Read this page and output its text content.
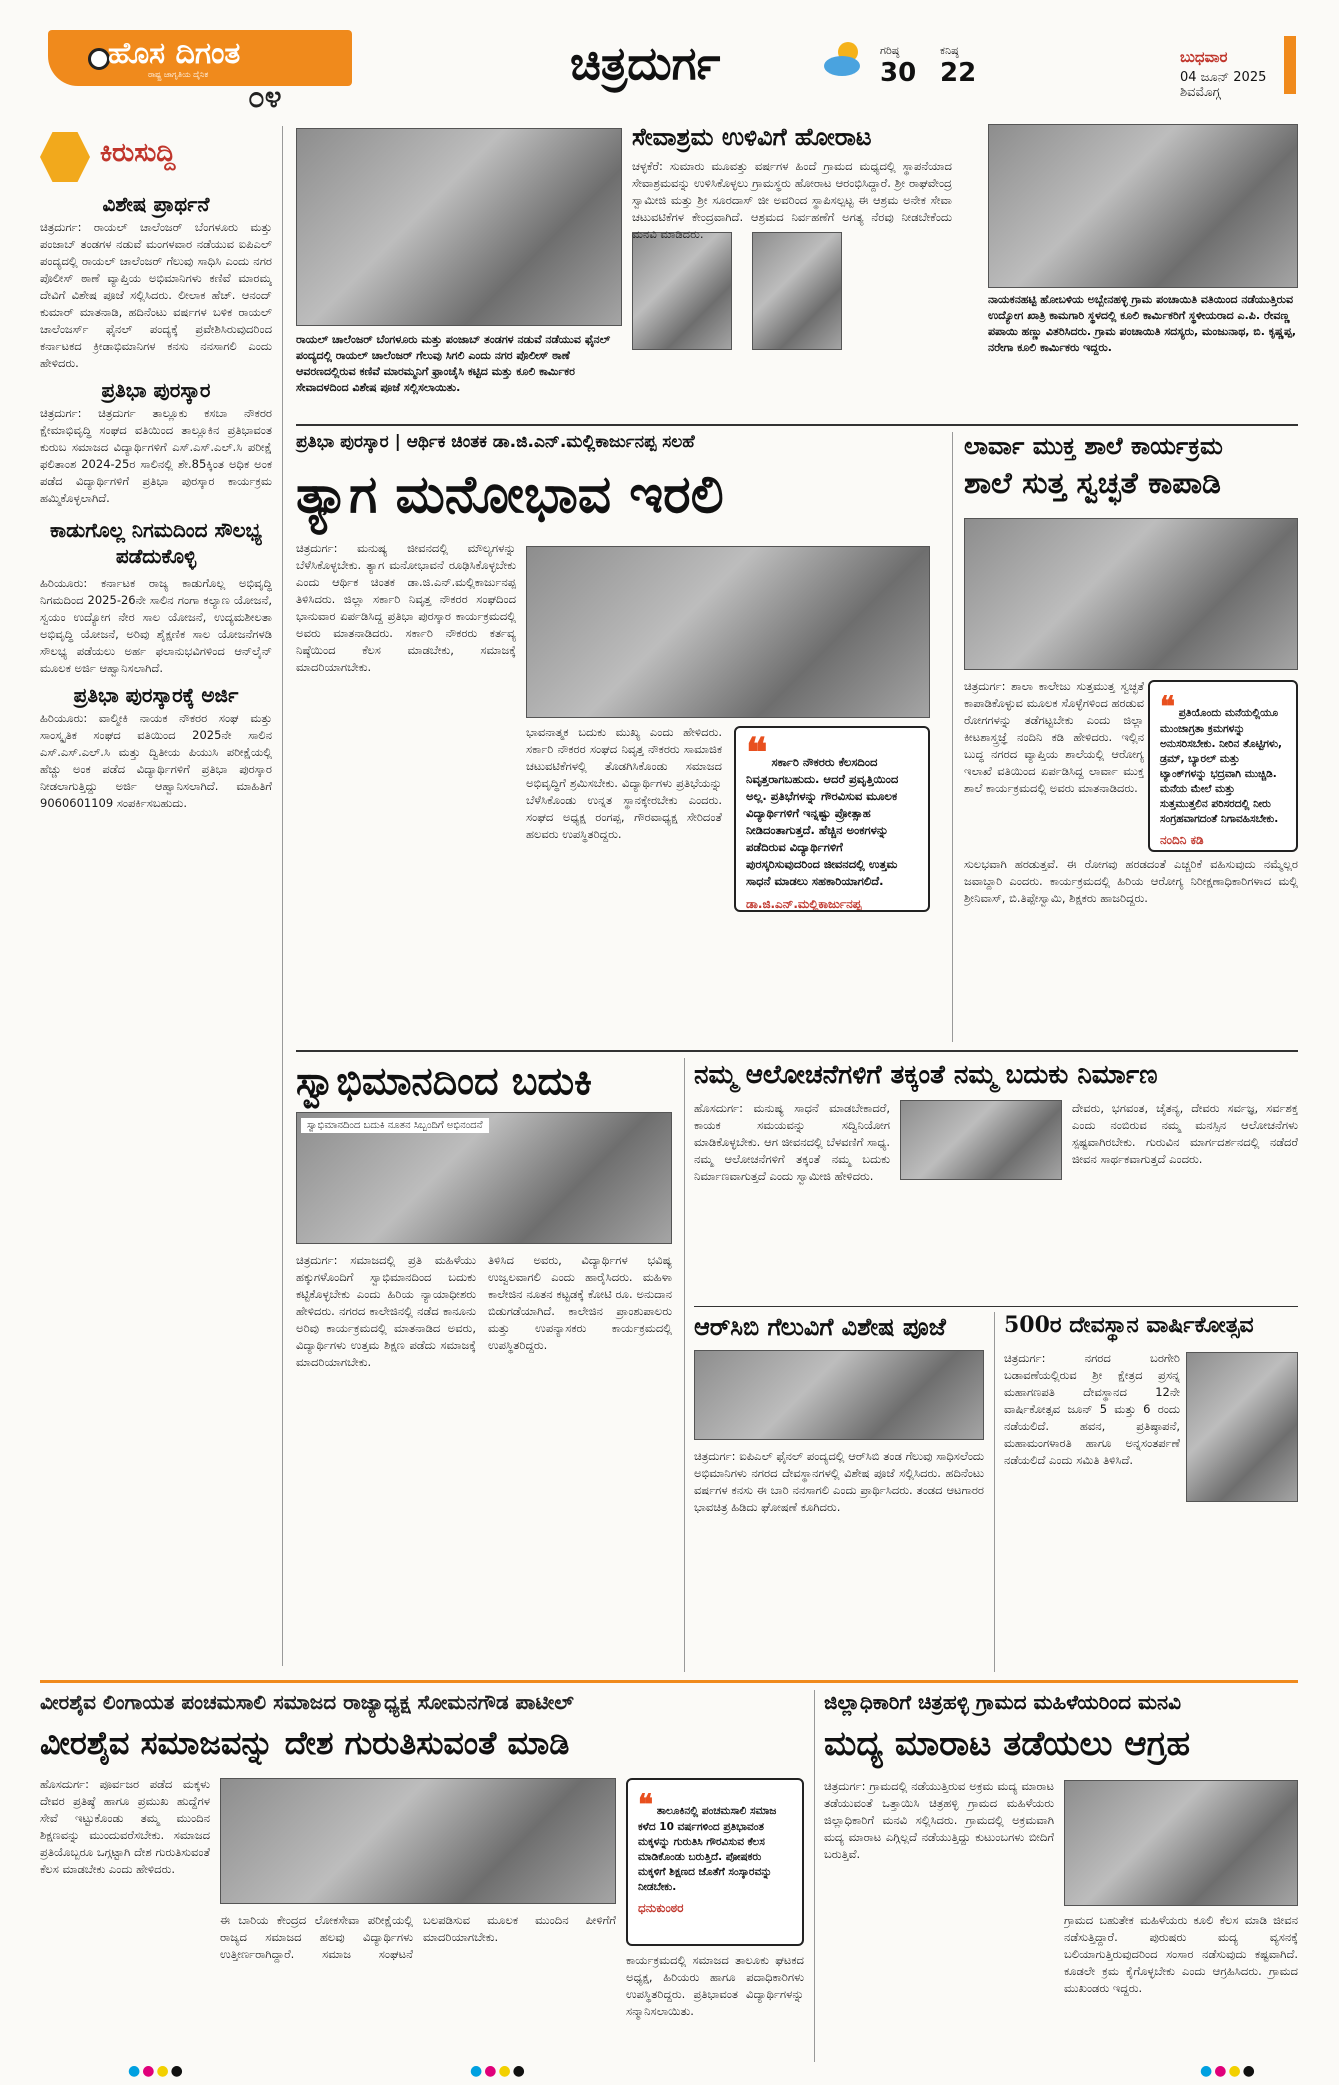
ಹೊಸ ದಿಗಂತ
ರಾಷ್ಟ್ರ ಜಾಗೃತಿಯ ದೈನಿಕ
೦೪
ಚಿತ್ರದುರ್ಗ	ಗರಿಷ್ಠ
30
ಕನಿಷ್ಠ
22
ಬುಧವಾರ
04 ಜೂನ್ 2025
ಶಿವಮೊಗ್ಗ
ಕಿರುಸುದ್ದಿ
ವಿಶೇಷ ಪ್ರಾರ್ಥನೆ

ಚಿತ್ರದುರ್ಗ: ರಾಯಲ್ ಚಾಲೆಂಜರ್ ಬೆಂಗಳೂರು ಮತ್ತು ಪಂಜಾಬ್ ತಂಡಗಳ ನಡುವೆ ಮಂಗಳವಾರ ನಡೆಯುವ ಐಪಿಎಲ್ ಪಂದ್ಯದಲ್ಲಿ ರಾಯಲ್ ಚಾಲೆಂಜರ್ ಗೆಲುವು ಸಾಧಿಸಿ ಎಂದು ನಗರ ಪೊಲೀಸ್ ಠಾಣೆ ವ್ಯಾಪ್ತಿಯ ಅಭಿಮಾನಿಗಳು ಕಣಿವೆ ಮಾರಮ್ಮ ದೇವಿಗೆ ವಿಶೇಷ ಪೂಜೆ ಸಲ್ಲಿಸಿದರು. ಲೀಲಾಕ ಹೆಚ್. ಆನಂದ್ ಕುಮಾರ್ ಮಾತನಾಡಿ, ಹದಿನೆಂಟು ವರ್ಷಗಳ ಬಳಿಕ ರಾಯಲ್ ಚಾಲೆಂಜರ್ಸ್ ಫೈನಲ್ ಪಂದ್ಯಕ್ಕೆ ಪ್ರವೇಶಿಸಿರುವುದರಿಂದ ಕರ್ನಾಟಕದ ಕ್ರೀಡಾಭಿಮಾನಿಗಳ ಕನಸು ನನಸಾಗಲಿ ಎಂದು ಹೇಳಿದರು.

ಪ್ರತಿಭಾ ಪುರಸ್ಕಾರ

ಚಿತ್ರದುರ್ಗ: ಚಿತ್ರದುರ್ಗ ತಾಲ್ಲೂಕು ಕಸಬಾ ನೌಕರರ ಕ್ಷೇಮಾಭಿವೃದ್ಧಿ ಸಂಘದ ವತಿಯಿಂದ ತಾಲ್ಲೂಕಿನ ಪ್ರತಿಭಾವಂತ ಕುರುಬ ಸಮಾಜದ ವಿದ್ಯಾರ್ಥಿಗಳಿಗೆ ಎಸ್.ಎಸ್.ಎಲ್.ಸಿ ಪರೀಕ್ಷೆ ಫಲಿತಾಂಶ 2024-25ರ ಸಾಲಿನಲ್ಲಿ ಶೇ.85ಕ್ಕಿಂತ ಅಧಿಕ ಅಂಕ ಪಡೆದ ವಿದ್ಯಾರ್ಥಿಗಳಿಗೆ ಪ್ರತಿಭಾ ಪುರಸ್ಕಾರ ಕಾರ್ಯಕ್ರಮ ಹಮ್ಮಿಕೊಳ್ಳಲಾಗಿದೆ.

ಕಾಡುಗೊಲ್ಲ ನಿಗಮದಿಂದ ಸೌಲಭ್ಯ ಪಡೆದುಕೊಳ್ಳಿ

ಹಿರಿಯೂರು: ಕರ್ನಾಟಕ ರಾಜ್ಯ ಕಾಡುಗೊಲ್ಲ ಅಭಿವೃದ್ಧಿ ನಿಗಮದಿಂದ 2025-26ನೇ ಸಾಲಿನ ಗಂಗಾ ಕಲ್ಯಾಣ ಯೋಜನೆ, ಸ್ವಯಂ ಉದ್ಯೋಗ ನೇರ ಸಾಲ ಯೋಜನೆ, ಉದ್ಯಮಶೀಲತಾ ಅಭಿವೃದ್ಧಿ ಯೋಜನೆ, ಅರಿವು ಶೈಕ್ಷಣಿಕ ಸಾಲ ಯೋಜನೆಗಳಡಿ ಸೌಲಭ್ಯ ಪಡೆಯಲು ಅರ್ಹ ಫಲಾನುಭವಿಗಳಿಂದ ಆನ್‌ಲೈನ್ ಮೂಲಕ ಅರ್ಜಿ ಆಹ್ವಾನಿಸಲಾಗಿದೆ.

ಪ್ರತಿಭಾ ಪುರಸ್ಕಾರಕ್ಕೆ ಅರ್ಜಿ

ಹಿರಿಯೂರು: ವಾಲ್ಮೀಕಿ ನಾಯಕ ನೌಕರರ ಸಂಘ ಮತ್ತು ಸಾಂಸ್ಕೃತಿಕ ಸಂಘದ ವತಿಯಿಂದ 2025ನೇ ಸಾಲಿನ ಎಸ್.ಎಸ್.ಎಲ್.ಸಿ ಮತ್ತು ದ್ವಿತೀಯ ಪಿಯುಸಿ ಪರೀಕ್ಷೆಯಲ್ಲಿ ಹೆಚ್ಚು ಅಂಕ ಪಡೆದ ವಿದ್ಯಾರ್ಥಿಗಳಿಗೆ ಪ್ರತಿಭಾ ಪುರಸ್ಕಾರ ನೀಡಲಾಗುತ್ತಿದ್ದು ಅರ್ಜಿ ಆಹ್ವಾನಿಸಲಾಗಿದೆ. ಮಾಹಿತಿಗೆ 9060601109 ಸಂಪರ್ಕಿಸಬಹುದು.

ರಾಯಲ್ ಚಾಲೆಂಜರ್ ಬೆಂಗಳೂರು ಮತ್ತು ಪಂಜಾಬ್ ತಂಡಗಳ ನಡುವೆ ನಡೆಯುವ ಫೈನಲ್ ಪಂದ್ಯದಲ್ಲಿ ರಾಯಲ್ ಚಾಲೆಂಜರ್ ಗೆಲುವು ಸಿಗಲಿ ಎಂದು ನಗರ ಪೊಲೀಸ್ ಠಾಣೆ ಆವರಣದಲ್ಲಿರುವ ಕಣಿವೆ ಮಾರಮ್ಮನಿಗೆ ಫ್ರಾಂಚೈಸಿ ಕಟ್ಟಿದ ಮತ್ತು ಕೂಲಿ ಕಾರ್ಮಿಕರ ಸೇವಾದಳದಿಂದ ವಿಶೇಷ ಪೂಜೆ ಸಲ್ಲಿಸಲಾಯಿತು.
ಸೇವಾಶ್ರಮ ಉಳಿವಿಗೆ ಹೋರಾಟ

ಚಳ್ಳಕೆರೆ: ಸುಮಾರು ಮೂವತ್ತು ವರ್ಷಗಳ ಹಿಂದೆ ಗ್ರಾಮದ ಮಧ್ಯದಲ್ಲಿ ಸ್ಥಾಪನೆಯಾದ ಸೇವಾಶ್ರಮವನ್ನು ಉಳಿಸಿಕೊಳ್ಳಲು ಗ್ರಾಮಸ್ಥರು ಹೋರಾಟ ಆರಂಭಿಸಿದ್ದಾರೆ. ಶ್ರೀ ರಾಘವೇಂದ್ರ ಸ್ವಾಮೀಜಿ ಮತ್ತು ಶ್ರೀ ಸೂರದಾಸ್ ಜೀ ಅವರಿಂದ ಸ್ಥಾಪಿಸಲ್ಪಟ್ಟ ಈ ಆಶ್ರಮ ಅನೇಕ ಸೇವಾ ಚಟುವಟಿಕೆಗಳ ಕೇಂದ್ರವಾಗಿದೆ. ಆಶ್ರಮದ ನಿರ್ವಹಣೆಗೆ ಅಗತ್ಯ ನೆರವು ನೀಡಬೇಕೆಂದು ಮನವಿ ಮಾಡಿದರು.

ನಾಯಕನಹಟ್ಟಿ ಹೋಬಳಿಯ ಅಬ್ಬೇನಹಳ್ಳಿ ಗ್ರಾಮ ಪಂಚಾಯಿತಿ ವತಿಯಿಂದ ನಡೆಯುತ್ತಿರುವ ಉದ್ಯೋಗ ಖಾತ್ರಿ ಕಾಮಗಾರಿ ಸ್ಥಳದಲ್ಲಿ ಕೂಲಿ ಕಾರ್ಮಿಕರಿಗೆ ಸ್ಥಳೀಯರಾದ ಎ.ಪಿ. ರೇವಣ್ಣ ಪಪಾಯಿ ಹಣ್ಣು ವಿತರಿಸಿದರು. ಗ್ರಾಮ ಪಂಚಾಯಿತಿ ಸದಸ್ಯರು, ಮಂಜುನಾಥ, ಬಿ. ಕೃಷ್ಣಪ್ಪ, ನರೇಗಾ ಕೂಲಿ ಕಾರ್ಮಿಕರು ಇದ್ದರು.
ಪ್ರತಿಭಾ ಪುರಸ್ಕಾರ | ಆರ್ಥಿಕ ಚಿಂತಕ ಡಾ.ಜಿ.ಎನ್.ಮಲ್ಲಿಕಾರ್ಜುನಪ್ಪ ಸಲಹೆ
ತ್ಯಾಗ ಮನೋಭಾವ ಇರಲಿ

ಚಿತ್ರದುರ್ಗ: ಮನುಷ್ಯ ಜೀವನದಲ್ಲಿ ಮೌಲ್ಯಗಳನ್ನು ಬೆಳೆಸಿಕೊಳ್ಳಬೇಕು. ತ್ಯಾಗ ಮನೋಭಾವನೆ ರೂಢಿಸಿಕೊಳ್ಳಬೇಕು ಎಂದು ಆರ್ಥಿಕ ಚಿಂತಕ ಡಾ.ಜಿ.ಎನ್.ಮಲ್ಲಿಕಾರ್ಜುನಪ್ಪ ತಿಳಿಸಿದರು. ಜಿಲ್ಲಾ ಸರ್ಕಾರಿ ನಿವೃತ್ತ ನೌಕರರ ಸಂಘದಿಂದ ಭಾನುವಾರ ಏರ್ಪಡಿಸಿದ್ದ ಪ್ರತಿಭಾ ಪುರಸ್ಕಾರ ಕಾರ್ಯಕ್ರಮದಲ್ಲಿ ಅವರು ಮಾತನಾಡಿದರು. ಸರ್ಕಾರಿ ನೌಕರರು ಕರ್ತವ್ಯ ನಿಷ್ಠೆಯಿಂದ ಕೆಲಸ ಮಾಡಬೇಕು, ಸಮಾಜಕ್ಕೆ ಮಾದರಿಯಾಗಬೇಕು.

ಭಾವನಾತ್ಮಕ ಬದುಕು ಮುಖ್ಯ ಎಂದು ಹೇಳಿದರು. ಸರ್ಕಾರಿ ನೌಕರರ ಸಂಘದ ನಿವೃತ್ತ ನೌಕರರು ಸಾಮಾಜಿಕ ಚಟುವಟಿಕೆಗಳಲ್ಲಿ ತೊಡಗಿಸಿಕೊಂಡು ಸಮಾಜದ ಅಭಿವೃದ್ಧಿಗೆ ಶ್ರಮಿಸಬೇಕು. ವಿದ್ಯಾರ್ಥಿಗಳು ಪ್ರತಿಭೆಯನ್ನು ಬೆಳೆಸಿಕೊಂಡು ಉನ್ನತ ಸ್ಥಾನಕ್ಕೇರಬೇಕು ಎಂದರು. ಸಂಘದ ಅಧ್ಯಕ್ಷ ರಂಗಪ್ಪ, ಗೌರವಾಧ್ಯಕ್ಷ ಸೇರಿದಂತೆ ಹಲವರು ಉಪಸ್ಥಿತರಿದ್ದರು.

❝ ಸರ್ಕಾರಿ ನೌಕರರು ಕೆಲಸದಿಂದ ನಿವೃತ್ತರಾಗಬಹುದು. ಆದರೆ ಪ್ರವೃತ್ತಿಯಿಂದ ಅಲ್ಲ. ಪ್ರತಿಭೆಗಳನ್ನು ಗೌರವಿಸುವ ಮೂಲಕ ವಿದ್ಯಾರ್ಥಿಗಳಿಗೆ ಇನ್ನಷ್ಟು ಪ್ರೋತ್ಸಾಹ ನೀಡಿದಂತಾಗುತ್ತದೆ. ಹೆಚ್ಚಿನ ಅಂಕಗಳನ್ನು ಪಡೆದಿರುವ ವಿದ್ಯಾರ್ಥಿಗಳಿಗೆ ಪುರಸ್ಕರಿಸುವುದರಿಂದ ಜೀವನದಲ್ಲಿ ಉತ್ತಮ ಸಾಧನೆ ಮಾಡಲು ಸಹಕಾರಿಯಾಗಲಿದೆ.
ಡಾ.ಜಿ.ಎನ್.ಮಲ್ಲಿಕಾರ್ಜುನಪ್ಪ
ಲಾರ್ವಾ ಮುಕ್ತ ಶಾಲೆ ಕಾರ್ಯಕ್ರಮ
ಶಾಲೆ ಸುತ್ತ ಸ್ವಚ್ಛತೆ ಕಾಪಾಡಿ

ಚಿತ್ರದುರ್ಗ: ಶಾಲಾ ಕಾಲೇಜು ಸುತ್ತಮುತ್ತ ಸ್ವಚ್ಛತೆ ಕಾಪಾಡಿಕೊಳ್ಳುವ ಮೂಲಕ ಸೊಳ್ಳೆಗಳಿಂದ ಹರಡುವ ರೋಗಗಳನ್ನು ತಡೆಗಟ್ಟಬೇಕು ಎಂದು ಜಿಲ್ಲಾ ಕೀಟಶಾಸ್ತ್ರಜ್ಞೆ ನಂದಿನಿ ಕಡಿ ಹೇಳಿದರು. ಇಲ್ಲಿನ ಬುದ್ಧ ನಗರದ ವ್ಯಾಪ್ತಿಯ ಶಾಲೆಯಲ್ಲಿ ಆರೋಗ್ಯ ಇಲಾಖೆ ವತಿಯಿಂದ ಏರ್ಪಡಿಸಿದ್ದ ಲಾರ್ವಾ ಮುಕ್ತ ಶಾಲೆ ಕಾರ್ಯಕ್ರಮದಲ್ಲಿ ಅವರು ಮಾತನಾಡಿದರು.

❝ ಪ್ರತಿಯೊಂದು ಮನೆಯಲ್ಲಿಯೂ ಮುಂಜಾಗ್ರತಾ ಕ್ರಮಗಳನ್ನು ಅನುಸರಿಸಬೇಕು. ನೀರಿನ ತೊಟ್ಟಿಗಳು, ಡ್ರಮ್, ಬ್ಯಾರಲ್ ಮತ್ತು ಟ್ಯಾಂಕ್‌ಗಳನ್ನು ಭದ್ರವಾಗಿ ಮುಚ್ಚಿಡಿ. ಮನೆಯ ಮೇಲೆ ಮತ್ತು ಸುತ್ತಮುತ್ತಲಿನ ಪರಿಸರದಲ್ಲಿ ನೀರು ಸಂಗ್ರಹವಾಗದಂತೆ ನಿಗಾವಹಿಸಬೇಕು.
ನಂದಿನಿ ಕಡಿ

ಸುಲಭವಾಗಿ ಹರಡುತ್ತವೆ. ಈ ರೋಗವು ಹರಡದಂತೆ ಎಚ್ಚರಿಕೆ ವಹಿಸುವುದು ನಮ್ಮೆಲ್ಲರ ಜವಾಬ್ದಾರಿ ಎಂದರು. ಕಾರ್ಯಕ್ರಮದಲ್ಲಿ ಹಿರಿಯ ಆರೋಗ್ಯ ನಿರೀಕ್ಷಣಾಧಿಕಾರಿಗಳಾದ ಮಲ್ಲಿ ಶ್ರೀನಿವಾಸ್, ಬಿ.ತಿಪ್ಪೇಸ್ವಾಮಿ, ಶಿಕ್ಷಕರು ಹಾಜರಿದ್ದರು.

ಸ್ವಾಭಿಮಾನದಿಂದ ಬದುಕಿ
ಸ್ವಾಭಿಮಾನದಿಂದ ಬದುಕಿ ನೂತನ ಸಿಬ್ಬಂದಿಗೆ ಅಭಿನಂದನೆ

ಚಿತ್ರದುರ್ಗ: ಸಮಾಜದಲ್ಲಿ ಪ್ರತಿ ಮಹಿಳೆಯು ಹಕ್ಕುಗಳೊಂದಿಗೆ ಸ್ವಾಭಿಮಾನದಿಂದ ಬದುಕು ಕಟ್ಟಿಕೊಳ್ಳಬೇಕು ಎಂದು ಹಿರಿಯ ನ್ಯಾಯಾಧೀಶರು ಹೇಳಿದರು. ನಗರದ ಕಾಲೇಜಿನಲ್ಲಿ ನಡೆದ ಕಾನೂನು ಅರಿವು ಕಾರ್ಯಕ್ರಮದಲ್ಲಿ ಮಾತನಾಡಿದ ಅವರು, ವಿದ್ಯಾರ್ಥಿಗಳು ಉತ್ತಮ ಶಿಕ್ಷಣ ಪಡೆದು ಸಮಾಜಕ್ಕೆ ಮಾದರಿಯಾಗಬೇಕು.

ತಿಳಿಸಿದ ಅವರು, ವಿದ್ಯಾರ್ಥಿಗಳ ಭವಿಷ್ಯ ಉಜ್ವಲವಾಗಲಿ ಎಂದು ಹಾರೈಸಿದರು. ಮಹಿಳಾ ಕಾಲೇಜಿನ ನೂತನ ಕಟ್ಟಡಕ್ಕೆ ಕೋಟಿ ರೂ. ಅನುದಾನ ಬಿಡುಗಡೆಯಾಗಿದೆ. ಕಾಲೇಜಿನ ಪ್ರಾಂಶುಪಾಲರು ಮತ್ತು ಉಪನ್ಯಾಸಕರು ಕಾರ್ಯಕ್ರಮದಲ್ಲಿ ಉಪಸ್ಥಿತರಿದ್ದರು.

ನಮ್ಮ ಆಲೋಚನೆಗಳಿಗೆ ತಕ್ಕಂತೆ ನಮ್ಮ ಬದುಕು ನಿರ್ಮಾಣ

ಹೊಸದುರ್ಗ: ಮನುಷ್ಯ ಸಾಧನೆ ಮಾಡಬೇಕಾದರೆ, ಕಾಯಕ ಸಮಯವನ್ನು ಸದ್ವಿನಿಯೋಗ ಮಾಡಿಕೊಳ್ಳಬೇಕು. ಆಗ ಜೀವನದಲ್ಲಿ ಬೆಳವಣಿಗೆ ಸಾಧ್ಯ. ನಮ್ಮ ಆಲೋಚನೆಗಳಿಗೆ ತಕ್ಕಂತೆ ನಮ್ಮ ಬದುಕು ನಿರ್ಮಾಣವಾಗುತ್ತದೆ ಎಂದು ಸ್ವಾಮೀಜಿ ಹೇಳಿದರು.

ದೇವರು, ಭಗವಂತ, ಚೈತನ್ಯ, ದೇವರು ಸರ್ವಜ್ಞ, ಸರ್ವಶಕ್ತ ಎಂದು ನಂಬಿರುವ ನಮ್ಮ ಮನಸ್ಸಿನ ಆಲೋಚನೆಗಳು ಸ್ಪಷ್ಟವಾಗಿರಬೇಕು. ಗುರುವಿನ ಮಾರ್ಗದರ್ಶನದಲ್ಲಿ ನಡೆದರೆ ಜೀವನ ಸಾರ್ಥಕವಾಗುತ್ತದೆ ಎಂದರು.

ಆರ್‌ಸಿಬಿ ಗೆಲುವಿಗೆ ವಿಶೇಷ ಪೂಜೆ

ಚಿತ್ರದುರ್ಗ: ಐಪಿಎಲ್ ಫೈನಲ್ ಪಂದ್ಯದಲ್ಲಿ ಆರ್‌ಸಿಬಿ ತಂಡ ಗೆಲುವು ಸಾಧಿಸಲೆಂದು ಅಭಿಮಾನಿಗಳು ನಗರದ ದೇವಸ್ಥಾನಗಳಲ್ಲಿ ವಿಶೇಷ ಪೂಜೆ ಸಲ್ಲಿಸಿದರು. ಹದಿನೆಂಟು ವರ್ಷಗಳ ಕನಸು ಈ ಬಾರಿ ನನಸಾಗಲಿ ಎಂದು ಪ್ರಾರ್ಥಿಸಿದರು. ತಂಡದ ಆಟಗಾರರ ಭಾವಚಿತ್ರ ಹಿಡಿದು ಘೋಷಣೆ ಕೂಗಿದರು.

500ರ ದೇವಸ್ಥಾನ ವಾರ್ಷಿಕೋತ್ಸವ

ಚಿತ್ರದುರ್ಗ: ನಗರದ ಬರಗೇರಿ ಬಡಾವಣೆಯಲ್ಲಿರುವ ಶ್ರೀ ಕ್ಷೇತ್ರದ ಪ್ರಸನ್ನ ಮಹಾಗಣಪತಿ ದೇವಸ್ಥಾನದ 12ನೇ ವಾರ್ಷಿಕೋತ್ಸವ ಜೂನ್ 5 ಮತ್ತು 6 ರಂದು ನಡೆಯಲಿದೆ. ಹವನ, ಪ್ರತಿಷ್ಠಾಪನೆ, ಮಹಾಮಂಗಳಾರತಿ ಹಾಗೂ ಅನ್ನಸಂತರ್ಪಣೆ ನಡೆಯಲಿದೆ ಎಂದು ಸಮಿತಿ ತಿಳಿಸಿದೆ.

ವೀರಶೈವ ಲಿಂಗಾಯತ ಪಂಚಮಸಾಲಿ ಸಮಾಜದ ರಾಜ್ಯಾಧ್ಯಕ್ಷ ಸೋಮನಗೌಡ ಪಾಟೀಲ್
ವೀರಶೈವ ಸಮಾಜವನ್ನು ದೇಶ ಗುರುತಿಸುವಂತೆ ಮಾಡಿ

ಹೊಸದುರ್ಗ: ಪೂರ್ವಜರ ಪಡೆದ ಮಕ್ಕಳು ದೇವರ ಪ್ರತಿಷ್ಠೆ ಹಾಗೂ ಪ್ರಮುಖ ಹುದ್ದೆಗಳ ಸೇವೆ ಇಟ್ಟುಕೊಂಡು ತಮ್ಮ ಮುಂದಿನ ಶಿಕ್ಷಣವನ್ನು ಮುಂದುವರೆಸಬೇಕು. ಸಮಾಜದ ಪ್ರತಿಯೊಬ್ಬರೂ ಒಗ್ಗಟ್ಟಾಗಿ ದೇಶ ಗುರುತಿಸುವಂತೆ ಕೆಲಸ ಮಾಡಬೇಕು ಎಂದು ಹೇಳಿದರು.

ಈ ಬಾರಿಯ ಕೇಂದ್ರದ ಲೋಕಸೇವಾ ಪರೀಕ್ಷೆಯಲ್ಲಿ ರಾಜ್ಯದ ಸಮಾಜದ ಹಲವು ವಿದ್ಯಾರ್ಥಿಗಳು ಉತ್ತೀರ್ಣರಾಗಿದ್ದಾರೆ. ಸಮಾಜ ಸಂಘಟನೆ ಬಲಪಡಿಸುವ ಮೂಲಕ ಮುಂದಿನ ಪೀಳಿಗೆಗೆ ಮಾದರಿಯಾಗಬೇಕು.

❝ ತಾಲೂಕಿನಲ್ಲಿ ಪಂಚಮಸಾಲಿ ಸಮಾಜ ಕಳೆದ 10 ವರ್ಷಗಳಿಂದ ಪ್ರತಿಭಾವಂತ ಮಕ್ಕಳನ್ನು ಗುರುತಿಸಿ ಗೌರವಿಸುವ ಕೆಲಸ ಮಾಡಿಕೊಂಡು ಬರುತ್ತಿದೆ. ಪೋಷಕರು ಮಕ್ಕಳಿಗೆ ಶಿಕ್ಷಣದ ಜೊತೆಗೆ ಸಂಸ್ಕಾರವನ್ನು ನೀಡಬೇಕು.
ಧನುಕುಂಠರ

ಕಾರ್ಯಕ್ರಮದಲ್ಲಿ ಸಮಾಜದ ತಾಲೂಕು ಘಟಕದ ಅಧ್ಯಕ್ಷ, ಹಿರಿಯರು ಹಾಗೂ ಪದಾಧಿಕಾರಿಗಳು ಉಪಸ್ಥಿತರಿದ್ದರು. ಪ್ರತಿಭಾವಂತ ವಿದ್ಯಾರ್ಥಿಗಳನ್ನು ಸನ್ಮಾನಿಸಲಾಯಿತು.

ಜಿಲ್ಲಾಧಿಕಾರಿಗೆ ಚಿತ್ರಹಳ್ಳಿ ಗ್ರಾಮದ ಮಹಿಳೆಯರಿಂದ ಮನವಿ
ಮದ್ಯ ಮಾರಾಟ ತಡೆಯಲು ಆಗ್ರಹ

ಚಿತ್ರದುರ್ಗ: ಗ್ರಾಮದಲ್ಲಿ ನಡೆಯುತ್ತಿರುವ ಅಕ್ರಮ ಮದ್ಯ ಮಾರಾಟ ತಡೆಯುವಂತೆ ಒತ್ತಾಯಿಸಿ ಚಿತ್ರಹಳ್ಳಿ ಗ್ರಾಮದ ಮಹಿಳೆಯರು ಜಿಲ್ಲಾಧಿಕಾರಿಗೆ ಮನವಿ ಸಲ್ಲಿಸಿದರು. ಗ್ರಾಮದಲ್ಲಿ ಅಕ್ರಮವಾಗಿ ಮದ್ಯ ಮಾರಾಟ ಎಗ್ಗಿಲ್ಲದೆ ನಡೆಯುತ್ತಿದ್ದು ಕುಟುಂಬಗಳು ಬೀದಿಗೆ ಬರುತ್ತಿವೆ.

ಗ್ರಾಮದ ಬಹುತೇಕ ಮಹಿಳೆಯರು ಕೂಲಿ ಕೆಲಸ ಮಾಡಿ ಜೀವನ ನಡೆಸುತ್ತಿದ್ದಾರೆ. ಪುರುಷರು ಮದ್ಯ ವ್ಯಸನಕ್ಕೆ ಬಲಿಯಾಗುತ್ತಿರುವುದರಿಂದ ಸಂಸಾರ ನಡೆಸುವುದು ಕಷ್ಟವಾಗಿದೆ. ಕೂಡಲೇ ಕ್ರಮ ಕೈಗೊಳ್ಳಬೇಕು ಎಂದು ಆಗ್ರಹಿಸಿದರು. ಗ್ರಾಮದ ಮುಖಂಡರು ಇದ್ದರು.

●●●●	●●●●	●●●●
